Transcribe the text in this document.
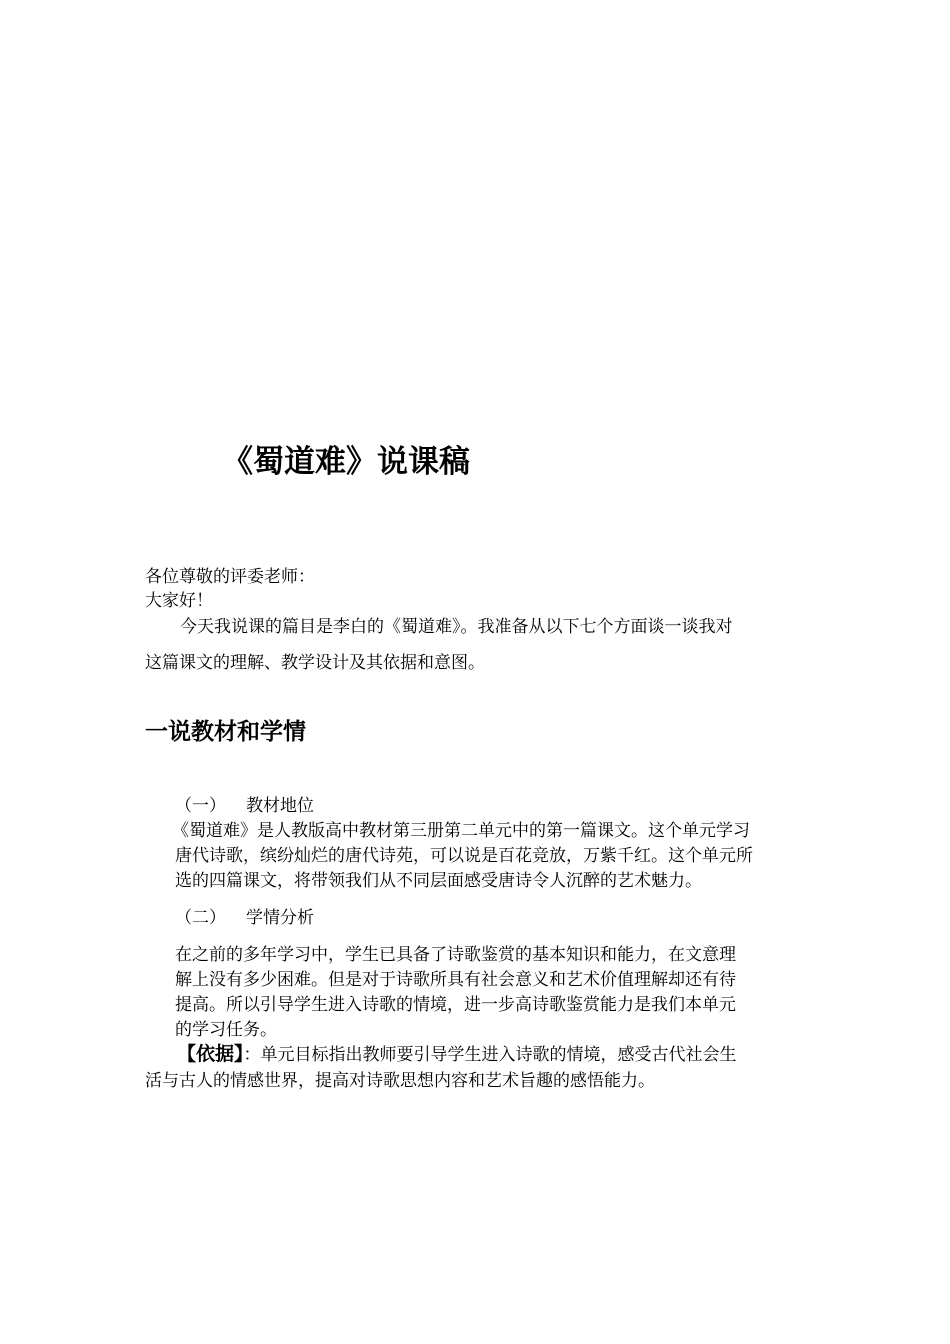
《蜀道难》说课稿
各位尊敬的评委老师：
大家好！
今天我说课的篇目是李白的《蜀道难》。我准备从以下七个方面谈一谈我对
这篇课文的理解、教学设计及其依据和意图。
一说教材和学情
（一） 教材地位
《蜀道难》是人教版高中教材第三册第二单元中的第一篇课文。这个单元学习
唐代诗歌，缤纷灿烂的唐代诗苑，可以说是百花竞放，万紫千红。这个单元所
选的四篇课文，将带领我们从不同层面感受唐诗令人沉醉的艺术魅力。
（二） 学情分析
在之前的多年学习中，学生已具备了诗歌鉴赏的基本知识和能力，在文意理
解上没有多少困难。但是对于诗歌所具有社会意义和艺术价值理解却还有待
提高。所以引导学生进入诗歌的情境，进一步高诗歌鉴赏能力是我们本单元
的学习任务。
【依据】：单元目标指出教师要引导学生进入诗歌的情境，感受古代社会生
活与古人的情感世界，提高对诗歌思想内容和艺术旨趣的感悟能力。
